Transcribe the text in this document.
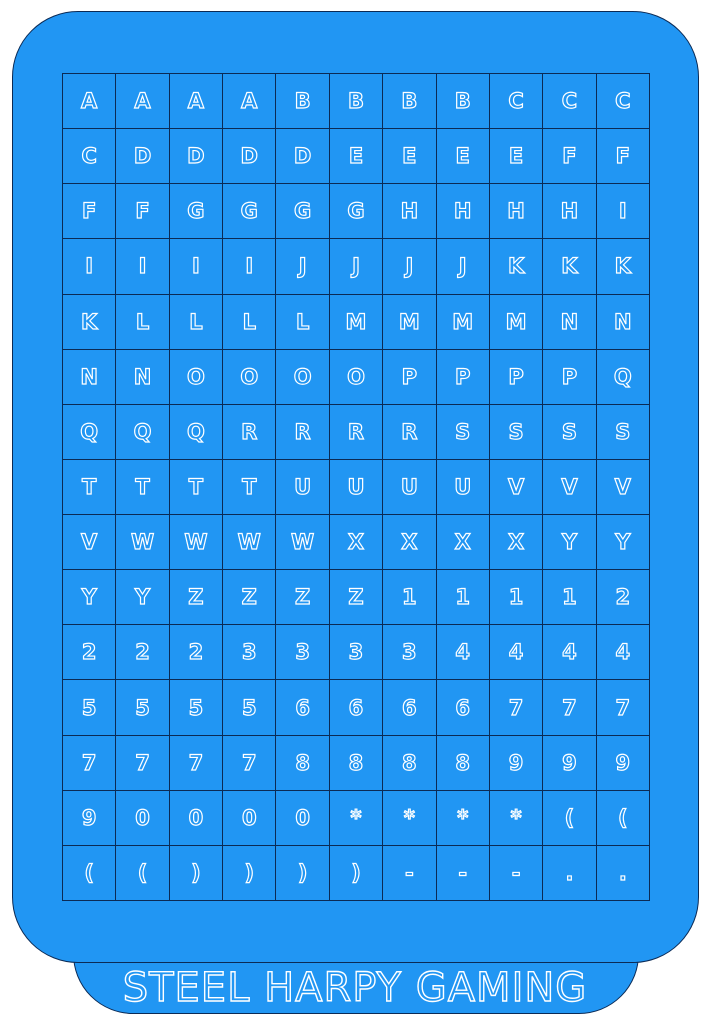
STEEL HARPY GAMING
A	A	A	A	B	B	B	B	C	C	C
C	D	D	D	D	E	E	E	E	F	F
F	F	G	G	G	G	H	H	H	H	I
I	I	I	I	J	J	J	J	K	K	K
K	L	L	L	L	M	M	M	M	N	N
N	N	O	O	O	O	P	P	P	P	Q
Q	Q	Q	R	R	R	R	S	S	S	S
T	T	T	T	U	U	U	U	V	V	V
V	W	W	W	W	X	X	X	X	Y	Y
Y	Y	Z	Z	Z	Z	1	1	1	1	2
2	2	2	3	3	3	3	4	4	4	4
5	5	5	5	6	6	6	6	7	7	7
7	7	7	7	8	8	8	8	9	9	9
9	0	0	0	0	*	*	*	*	(	(
(	(	)	)	)	)	-	-	-	.	.
